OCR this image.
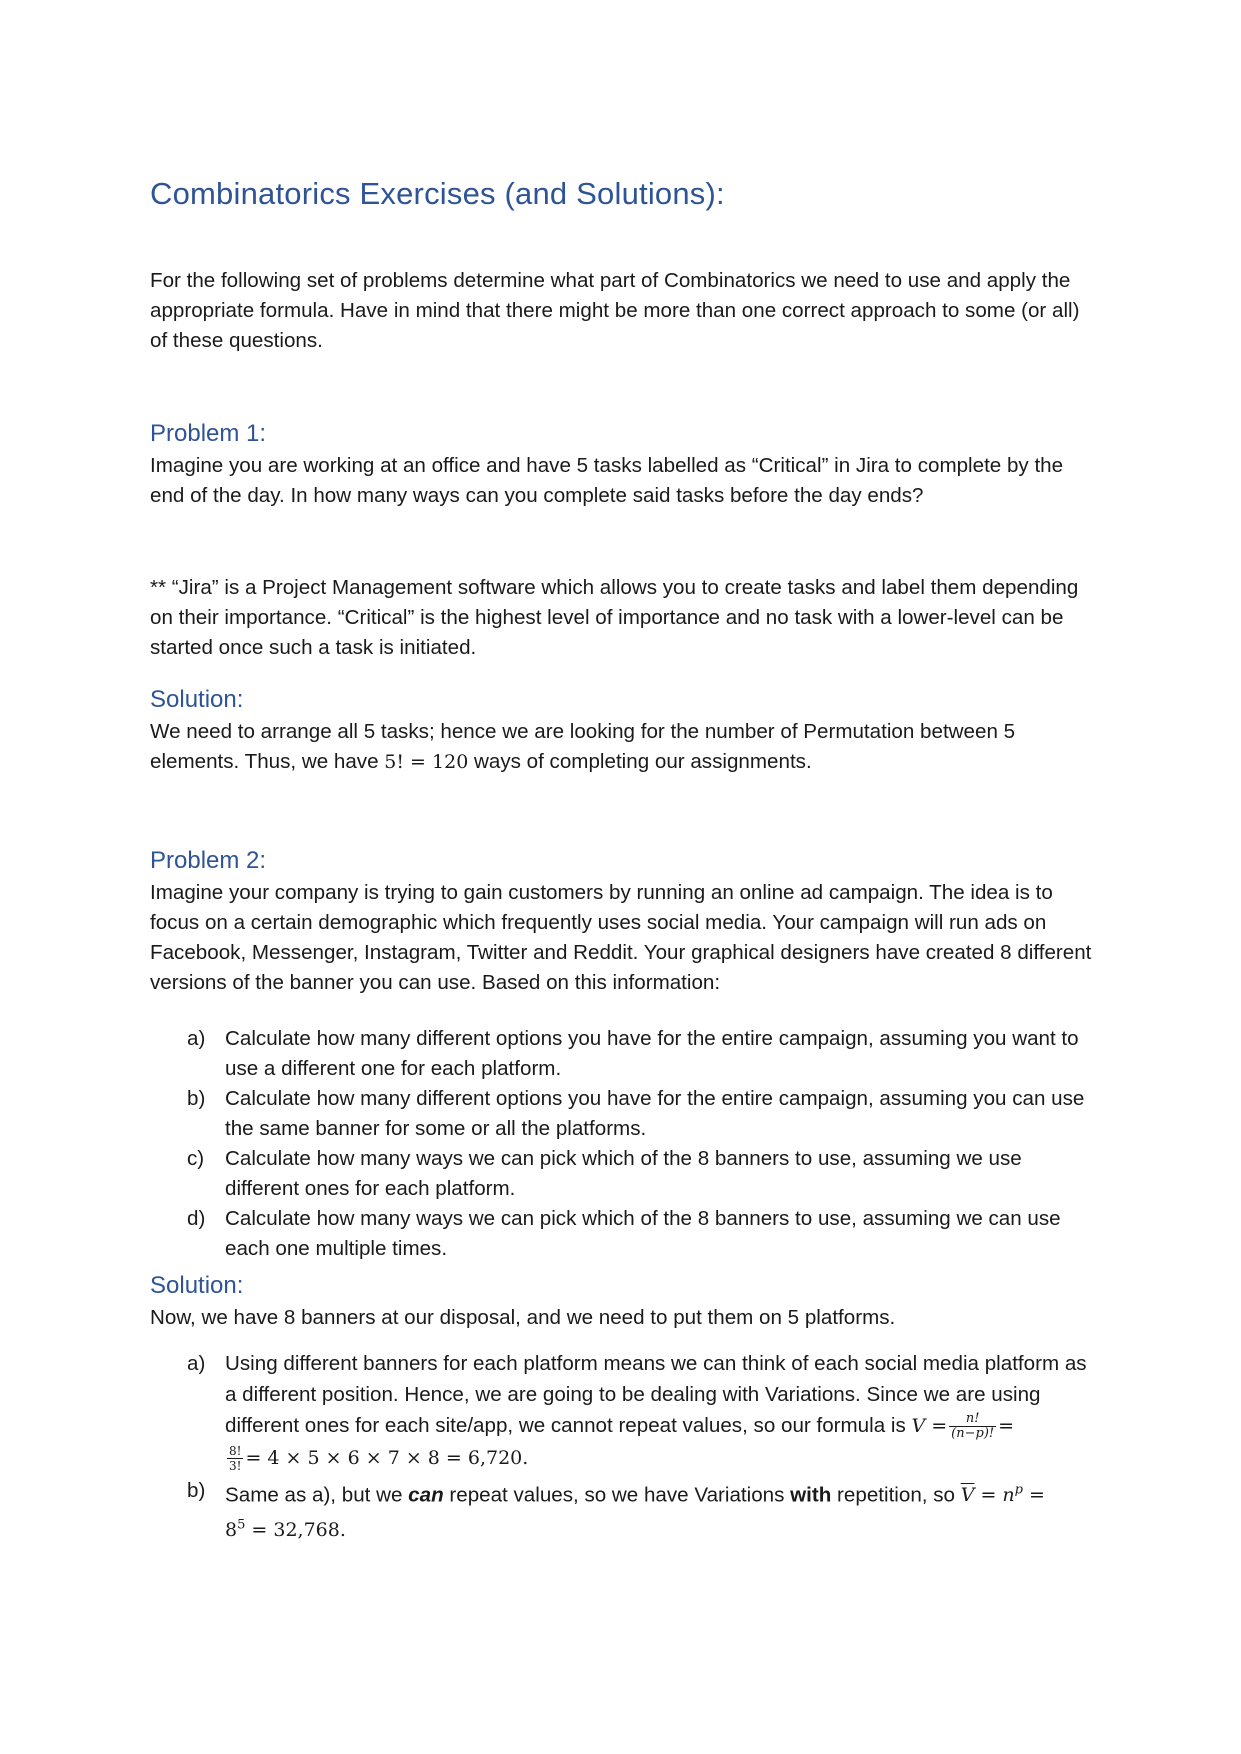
Combinatorics Exercises (and Solutions):

For the following set of problems determine what part of Combinatorics we need to use and apply the appropriate formula. Have in mind that there might be more than one correct approach to some (or all) of these questions.

Problem 1:

Imagine you are working at an office and have 5 tasks labelled as “Critical” in Jira to complete by the end of the day. In how many ways can you complete said tasks before the day ends?

** “Jira” is a Project Management software which allows you to create tasks and label them depending on their importance. “Critical” is the highest level of importance and no task with a lower-level can be started once such a task is initiated.

Solution:

We need to arrange all 5 tasks; hence we are looking for the number of Permutation between 5 elements. Thus, we have 5! = 120 ways of completing our assignments.

Problem 2:

Imagine your company is trying to gain customers by running an online ad campaign. The idea is to focus on a certain demographic which frequently uses social media. Your campaign will run ads on Facebook, Messenger, Instagram, Twitter and Reddit. Your graphical designers have created 8 different versions of the banner you can use. Based on this information:

a) Calculate how many different options you have for the entire campaign, assuming you want to use a different one for each platform.
b) Calculate how many different options you have for the entire campaign, assuming you can use the same banner for some or all the platforms.
c) Calculate how many ways we can pick which of the 8 banners to use, assuming we use different ones for each platform.
d) Calculate how many ways we can pick which of the 8 banners to use, assuming we can use each one multiple times.
Solution:

Now, we have 8 banners at our disposal, and we need to put them on 5 platforms.

a) Using different banners for each platform means we can think of each social media platform as a different position. Hence, we are going to be dealing with Variations. Since we are using different ones for each site/app, we cannot repeat values, so our formula is $V = \frac{n!}{(n-p)!}$ =

$\frac{8!}{3!} = 4 \times 5 \times 6 \times 7 \times 8 = 6,720$.
b) Same as a), but we can repeat values, so we have Variations with repetition, so $\overline{V} = n^p$ =
$8^5 = 32,768$.
